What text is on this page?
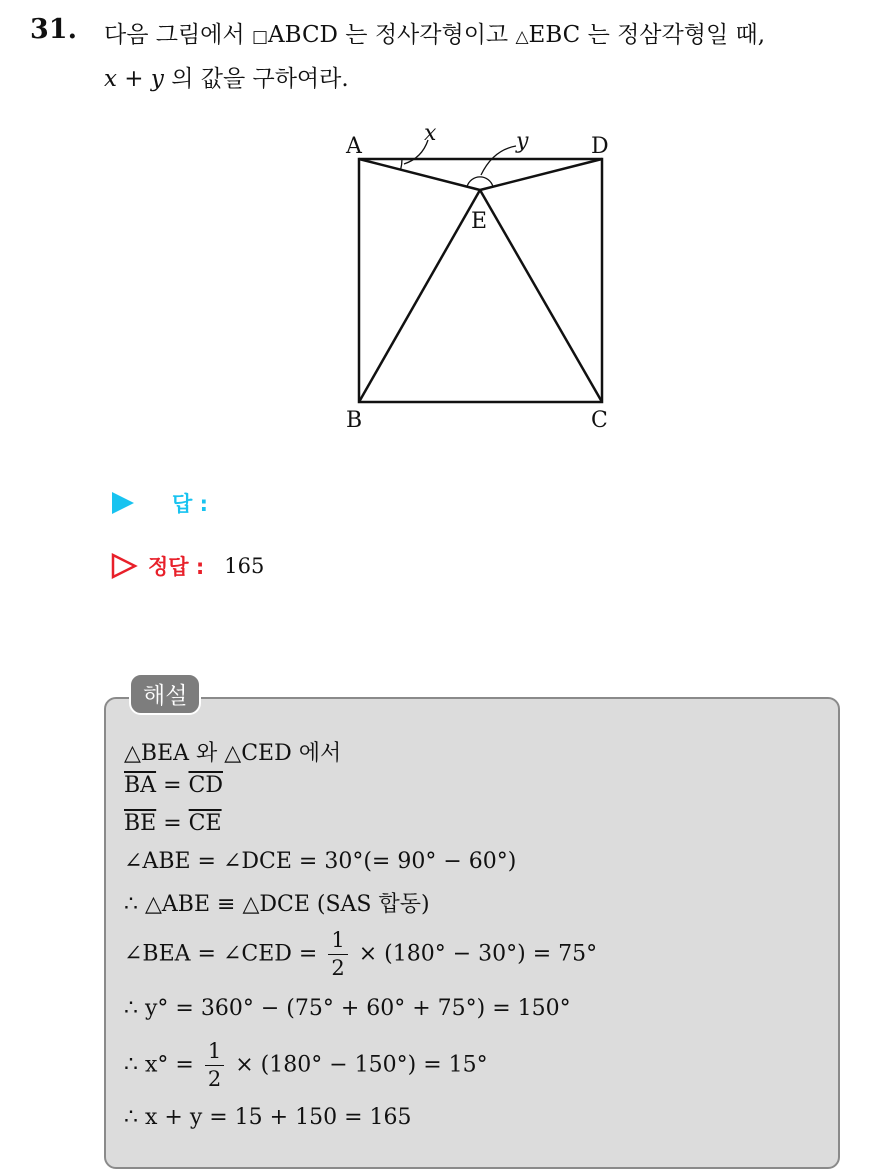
31. 다음 그림에서 □ABCD 는 정사각형이고 △EBC 는 정삼각형일 때,
x + y 의 값을 구하여라.
A	D
B	C
E
x	y
답 :
정답 : 165
해설
△BEA 와 △CED 에서
$\overline{BA} = \overline{CD}$
$\overline{BE} = \overline{CE}$
∠ABE = ∠DCE = 30°(= 90° − 60°)
∴ △ABE ≡ △DCE (SAS 합동)
∠BEA = ∠CED = $\frac{1}{2} \times (180^\circ - 30^\circ) = 75^\circ$
∴ y° = 360° − (75° + 60° + 75°) = 150°
∴ $x^\circ = \frac{1}{2} \times (180^\circ - 150^\circ) = 15^\circ$
∴ x + y = 15 + 150 = 165
